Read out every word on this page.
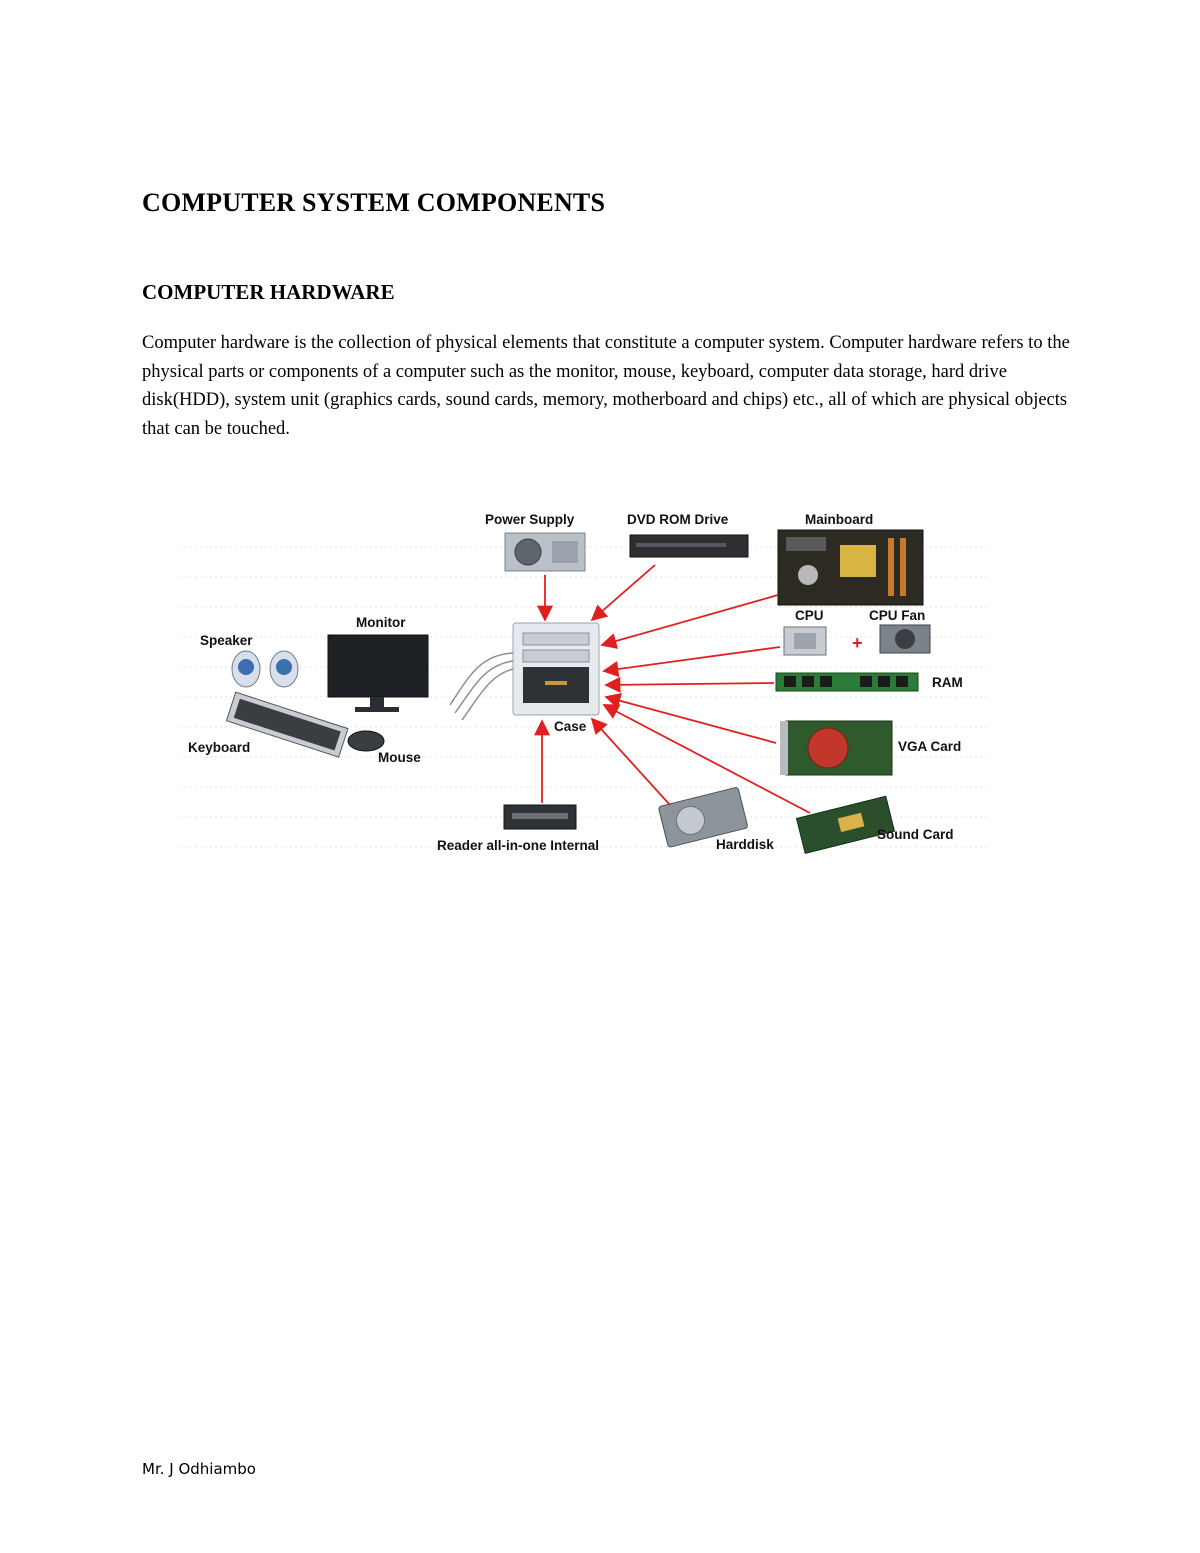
COMPUTER SYSTEM COMPONENTS
COMPUTER HARDWARE

Computer hardware is the collection of physical elements that constitute a computer system. Computer hardware refers to the physical parts or components of a computer such as the monitor, mouse, keyboard, computer data storage, hard drive disk(HDD), system unit (graphics cards, sound cards, memory, motherboard and chips) etc., all of which are physical objects that can be touched.

Case
Power Supply	DVD ROM Drive	Mainboard
CPU
+
CPU Fan
RAM
VGA Card
Sound Card
Harddisk
Reader all-in-one Internal
Speaker
Monitor
Keyboard
Mouse

Mr. J Odhiambo
